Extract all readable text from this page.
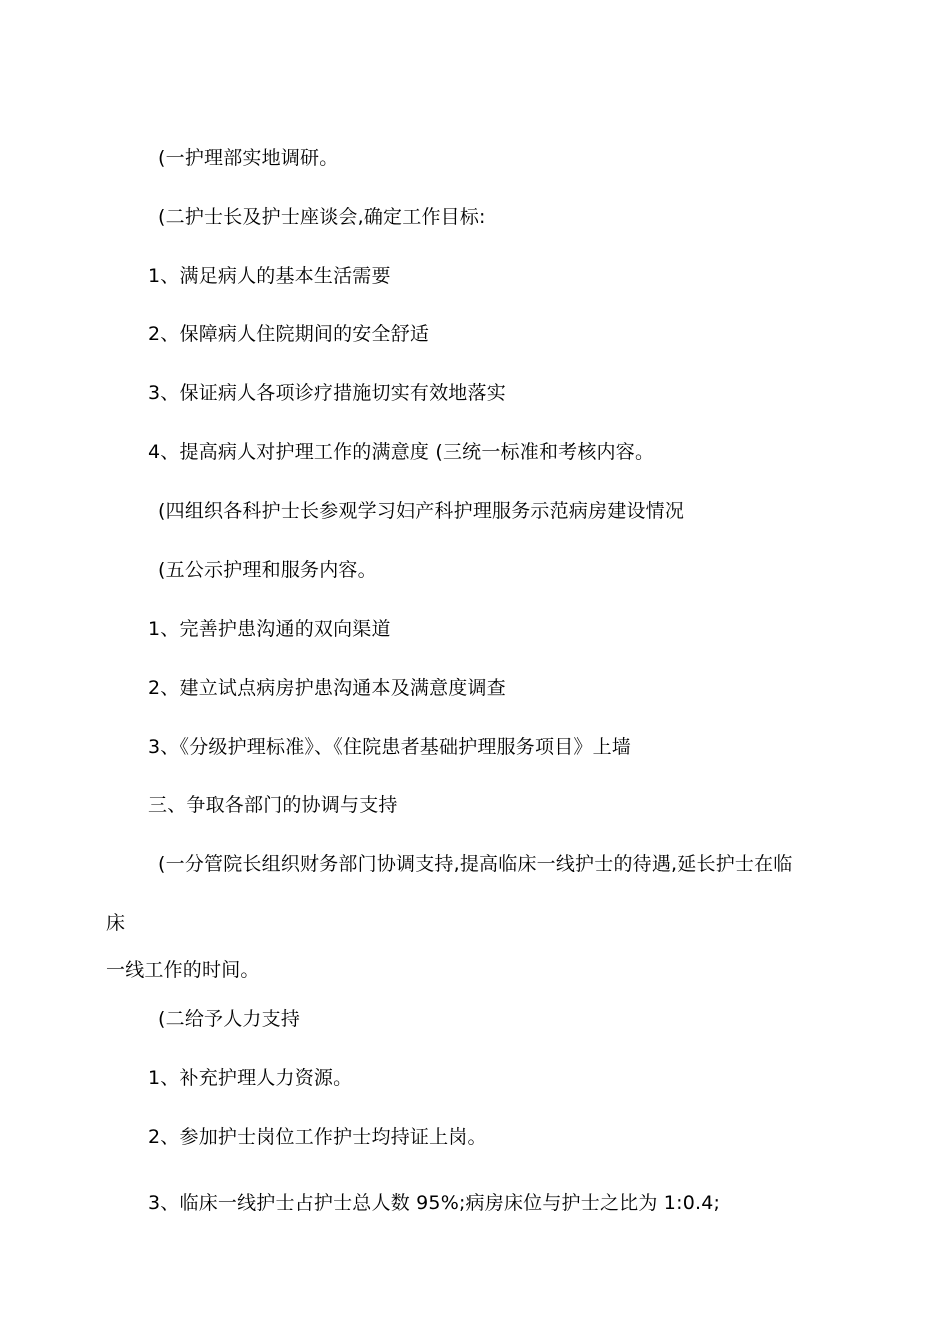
(一护理部实地调研。
(二护士长及护士座谈会,确定工作目标:
1、满足病人的基本生活需要
2、保障病人住院期间的安全舒适
3、保证病人各项诊疗措施切实有效地落实
4、提高病人对护理工作的满意度 (三统一标准和考核内容。
(四组织各科护士长参观学习妇产科护理服务示范病房建设情况
(五公示护理和服务内容。
1、完善护患沟通的双向渠道
2、建立试点病房护患沟通本及满意度调查
3、《分级护理标准》、《住院患者基础护理服务项目》上墙
三、争取各部门的协调与支持
(一分管院长组织财务部门协调支持,提高临床一线护士的待遇,延长护士在临
床
一线工作的时间。
(二给予人力支持
1、补充护理人力资源。
2、参加护士岗位工作护士均持证上岗。
3、临床一线护士占护士总人数 95%;病房床位与护士之比为 1:0.4;
